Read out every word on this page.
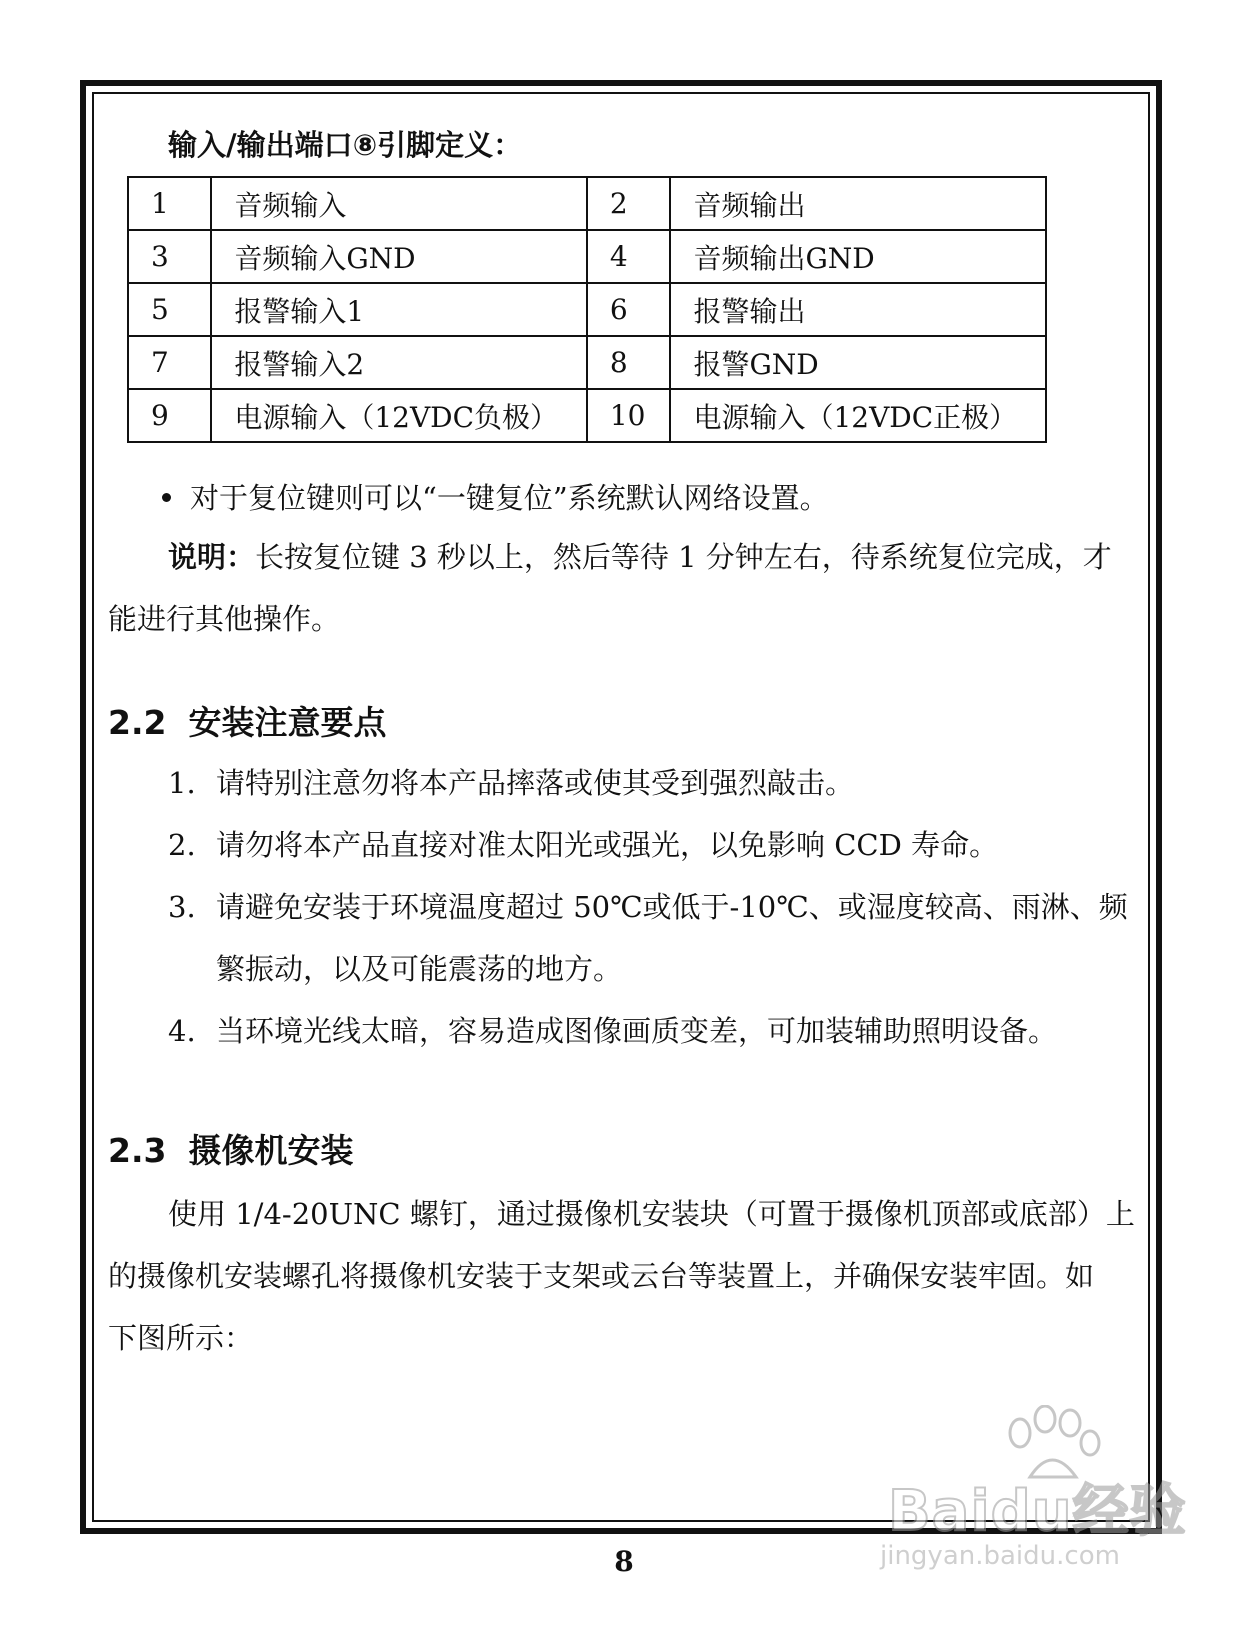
输入/输出端口⑧引脚定义：
1	音频输入	2	音频输出
3	音频输入GND	4	音频输出GND
5	报警输入1	6	报警输出
7	报警输入2	8	报警GND
9	电源输入（12VDC负极）	10	电源输入（12VDC正极）
对于复位键则可以“一键复位”系统默认网络设置。
说明：长按复位键 3 秒以上，然后等待 1 分钟左右，待系统复位完成，才
能进行其他操作。
2.2 安装注意要点
1. 请特别注意勿将本产品摔落或使其受到强烈敲击。
2. 请勿将本产品直接对准太阳光或强光，以免影响 CCD 寿命。
3. 请避免安装于环境温度超过 50℃或低于-10℃、或湿度较高、雨淋、频
繁振动，以及可能震荡的地方。
4. 当环境光线太暗，容易造成图像画质变差，可加装辅助照明设备。
2.3 摄像机安装
使用 1/4-20UNC 螺钉，通过摄像机安装块（可置于摄像机顶部或底部）上
的摄像机安装螺孔将摄像机安装于支架或云台等装置上，并确保安装牢固。如
下图所示：
8
Baidu经验
jingyan.baidu.com
